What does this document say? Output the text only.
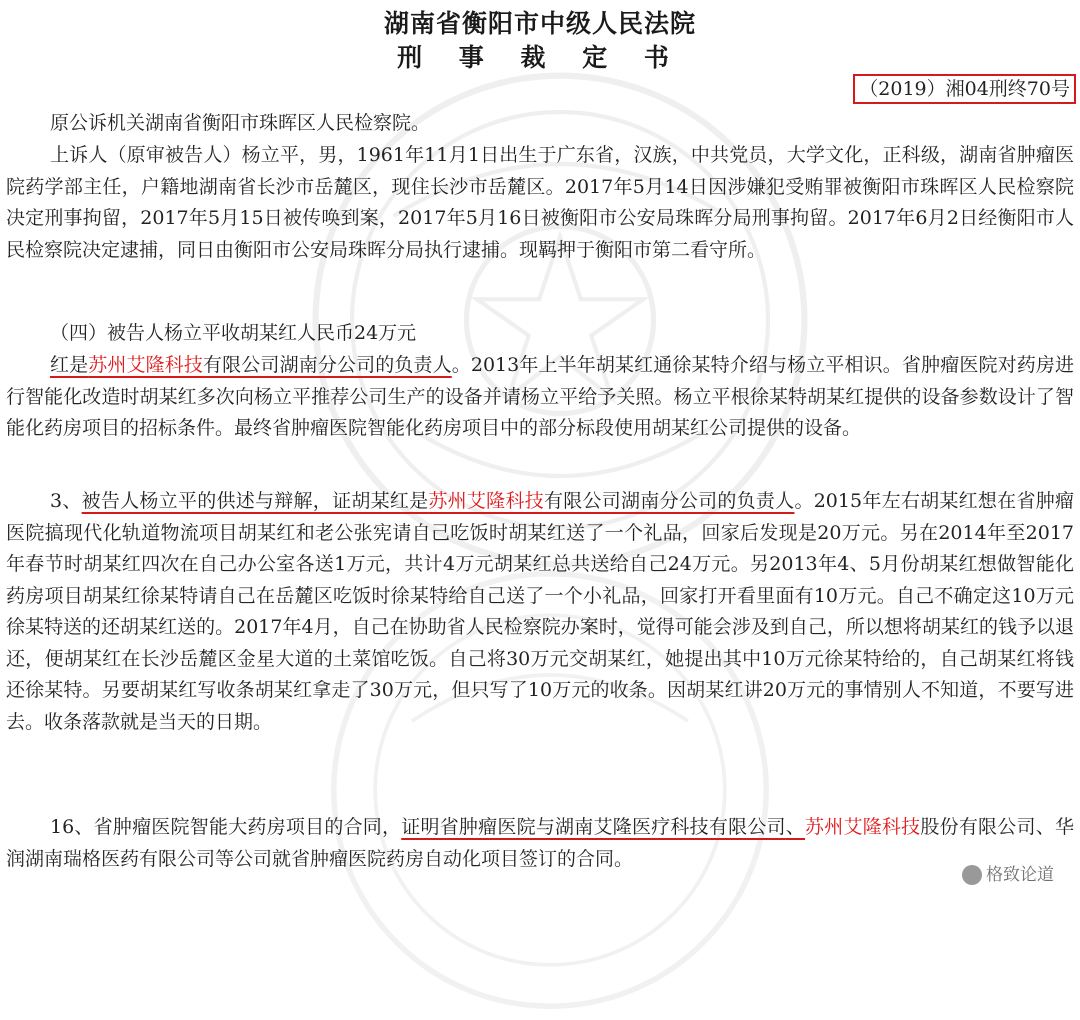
湖南省衡阳市中级人民法院
刑 事 裁 定 书
（2019）湘04刑终70号

原公诉机关湖南省衡阳市珠晖区人民检察院。

上诉人（原审被告人）杨立平，男，1961年11月1日出生于广东省，汉族，中共党员，大学文化，正科级，湖南省肿瘤医院药学部主任，户籍地湖南省长沙市岳麓区，现住长沙市岳麓区。2017年5月14日因涉嫌犯受贿罪被衡阳市珠晖区人民检察院决定刑事拘留，2017年5月15日被传唤到案，2017年5月16日被衡阳市公安局珠晖分局刑事拘留。2017年6月2日经衡阳市人民检察院决定逮捕，同日由衡阳市公安局珠晖分局执行逮捕。现羁押于衡阳市第二看守所。

（四）被告人杨立平收胡某红人民币24万元

红是苏州艾隆科技有限公司湖南分公司的负责人。2013年上半年胡某红通徐某特介绍与杨立平相识。省肿瘤医院对药房进行智能化改造时胡某红多次向杨立平推荐公司生产的设备并请杨立平给予关照。杨立平根徐某特胡某红提供的设备参数设计了智能化药房项目的招标条件。最终省肿瘤医院智能化药房项目中的部分标段使用胡某红公司提供的设备。

3、被告人杨立平的供述与辩解，证胡某红是苏州艾隆科技有限公司湖南分公司的负责人。2015年左右胡某红想在省肿瘤医院搞现代化轨道物流项目胡某红和老公张宪请自己吃饭时胡某红送了一个礼品，回家后发现是20万元。另在2014年至2017年春节时胡某红四次在自己办公室各送1万元，共计4万元胡某红总共送给自己24万元。另2013年4、5月份胡某红想做智能化药房项目胡某红徐某特请自己在岳麓区吃饭时徐某特给自己送了一个小礼品，回家打开看里面有10万元。自己不确定这10万元徐某特送的还胡某红送的。2017年4月，自己在协助省人民检察院办案时，觉得可能会涉及到自己，所以想将胡某红的钱予以退还，便胡某红在长沙岳麓区金星大道的土菜馆吃饭。自己将30万元交胡某红，她提出其中10万元徐某特给的，自己胡某红将钱还徐某特。另要胡某红写收条胡某红拿走了30万元，但只写了10万元的收条。因胡某红讲20万元的事情别人不知道，不要写进去。收条落款就是当天的日期。

16、省肿瘤医院智能大药房项目的合同，证明省肿瘤医院与湖南艾隆医疗科技有限公司、苏州艾隆科技股份有限公司、华润湖南瑞格医药有限公司等公司就省肿瘤医院药房自动化项目签订的合同。

格致论道
